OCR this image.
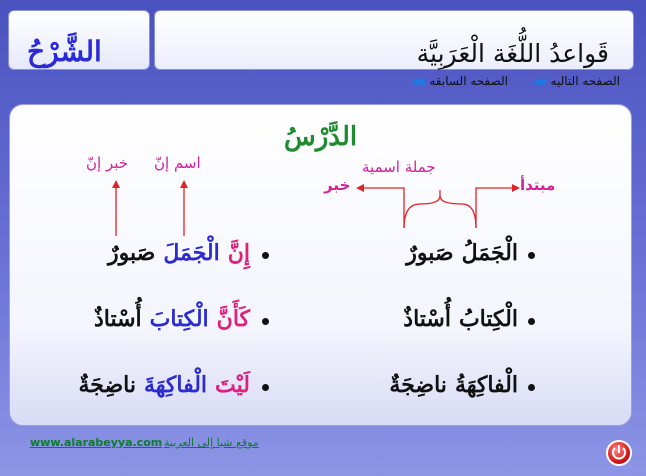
الشَّرْحُ	قَواعدُ اللُّغَة الْعَرَبِيَّة
الصفحه التاليه
◀◀
الصفحه السابقه
◀◀
الدَّرْسُ
جملة اسمية
مبتدأ
خبر
اسم إنّ
خبر إنّ
الْجَمَلُصَبورٌ
الْكِتابُأُسْتاذٌ
الْفاكِهَةُناضِجَةٌ
إِنَّالْجَمَلَصَبورٌ
كَأَنَّالْكِتابَأُسْتاذٌ
لَيْتَالْفاكِهَةَناضِجَةٌ
www.alarabeyya.com موقع شيا إلى العربية
